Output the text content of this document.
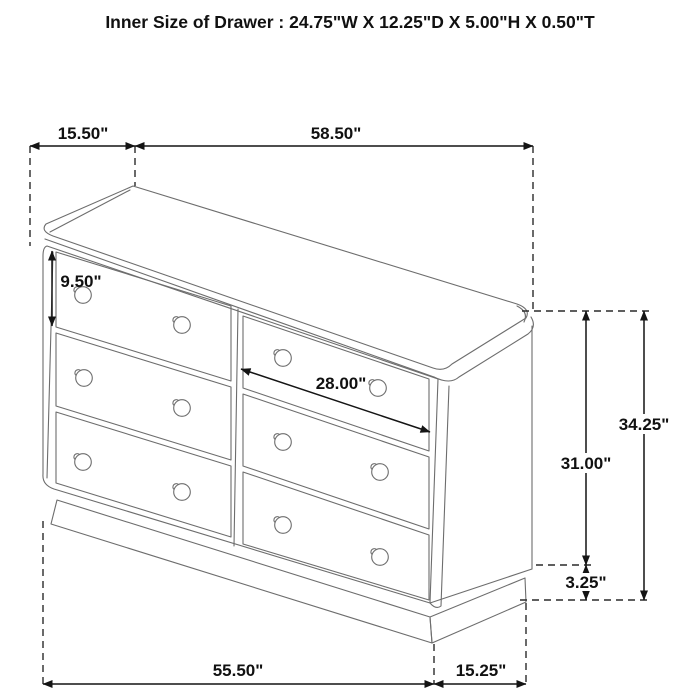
Inner Size of Drawer : 24.75"W X 12.25"D X 5.00"H X 0.50"T
15.50"	58.50"
9.50"
28.00"
31.00"
34.25"
3.25"
55.50"	15.25"
